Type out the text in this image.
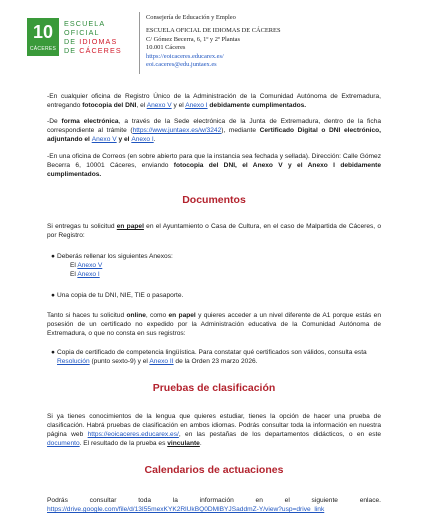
10
CÁCERES
ESCUELA
OFICIAL
DE IDIOMAS
DE CÁCERES
Consejería de Educación y Empleo
ESCUELA OFICIAL DE IDIOMAS DE CÁCERES
C/ Gómez Becerra, 6, 1º y 2º Plantas
10.001 Cáceres
https://eoicaceres.educarex.es/
eoi.caceres@edu.juntaex.es

-En cualquier oficina de Registro Único de la Administración de la Comunidad Autónoma de Extremadura, entregando fotocopia del DNI, el Anexo V y el Anexo I debidamente cumplimentados.

-De forma electrónica, a través de la Sede electrónica de la Junta de Extremadura, dentro de la ficha correspondiente al trámite (https://www.juntaex.es/w/3242), mediante Certificado Digital o DNI electrónico, adjuntando el Anexo V y el Anexo I.

-En una oficina de Correos (en sobre abierto para que la instancia sea fechada y sellada). Dirección: Calle Gómez Becerra 6, 10001 Cáceres, enviando fotocopia del DNI, el Anexo V y el Anexo I debidamente cumplimentados.

Documentos

Si entregas tu solicitud en papel en el Ayuntamiento o Casa de Cultura, en el caso de Malpartida de Cáceres, o por Registro:

● Deberás rellenar los siguientes Anexos:
El Anexo V
El Anexo I
● Una copia de tu DNI, NIE, TIE o pasaporte.

Tanto si haces tu solicitud online, como en papel y quieres acceder a un nivel diferente de A1 porque estás en posesión de un certificado no expedido por la Administración educativa de la Comunidad Autónoma de Extremadura, o que no consta en sus registros:

● Copia de certificado de competencia lingüística. Para constatar qué certificados son válidos, consulta esta Resolución (punto sexto-9) y el Anexo II de la Orden 23 marzo 2026.
Pruebas de clasificación

Si ya tienes conocimientos de la lengua que quieres estudiar, tienes la opción de hacer una prueba de clasificación. Habrá pruebas de clasificación en ambos idiomas. Podrás consultar toda la información en nuestra página web https://eoicaceres.educarex.es/, en las pestañas de los departamentos didácticos, o en este documento. El resultado de la prueba es vinculante.

Calendarios de actuaciones

Podrás consultar toda la información en el siguiente enlace.

https://drive.google.com/file/d/13I55mexKYK2RlUkBQ0DMlBYJSaddmZ-Y/view?usp=drive_link
